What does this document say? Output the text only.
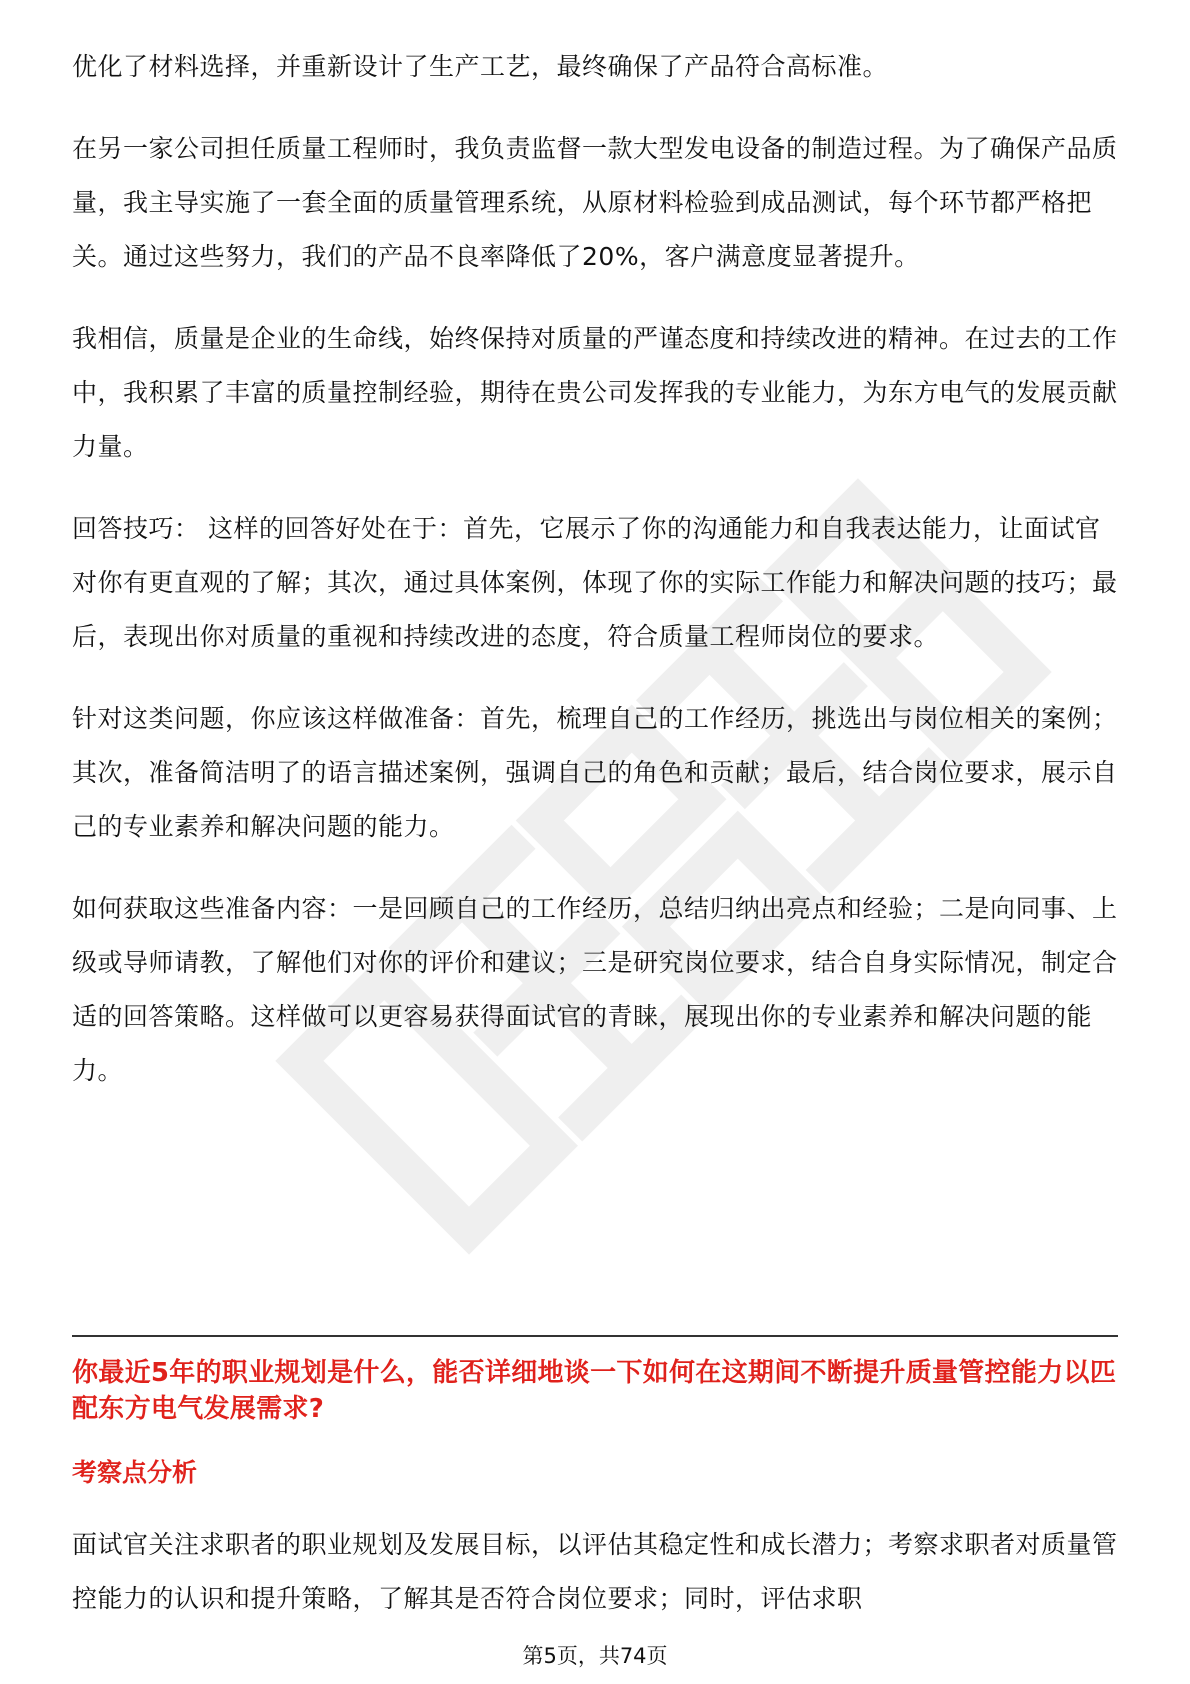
优化了材料选择，并重新设计了生产工艺，最终确保了产品符合高标准。

在另一家公司担任质量工程师时，我负责监督一款大型发电设备的制造过程。为了确保产品质量，我主导实施了一套全面的质量管理系统，从原材料检验到成品测试，每个环节都严格把关。通过这些努力，我们的产品不良率降低了20%，客户满意度显著提升。

我相信，质量是企业的生命线，始终保持对质量的严谨态度和持续改进的精神。在过去的工作中，我积累了丰富的质量控制经验，期待在贵公司发挥我的专业能力，为东方电气的发展贡献力量。

回答技巧： 这样的回答好处在于：首先，它展示了你的沟通能力和自我表达能力，让面试官对你有更直观的了解；其次，通过具体案例，体现了你的实际工作能力和解决问题的技巧；最后，表现出你对质量的重视和持续改进的态度，符合质量工程师岗位的要求。

针对这类问题，你应该这样做准备：首先，梳理自己的工作经历，挑选出与岗位相关的案例；其次，准备简洁明了的语言描述案例，强调自己的角色和贡献；最后，结合岗位要求，展示自己的专业素养和解决问题的能力。

如何获取这些准备内容：一是回顾自己的工作经历，总结归纳出亮点和经验；二是向同事、上级或导师请教，了解他们对你的评价和建议；三是研究岗位要求，结合自身实际情况，制定合适的回答策略。这样做可以更容易获得面试官的青睐，展现出你的专业素养和解决问题的能力。

你最近5年的职业规划是什么，能否详细地谈一下如何在这期间不断提升质量管控能力以匹配东方电气发展需求?
考察点分析
面试官关注求职者的职业规划及发展目标，以评估其稳定性和成长潜力；考察求职者对质量管控能力的认识和提升策略，了解其是否符合岗位要求；同时，评估求职
第5页，共74页
